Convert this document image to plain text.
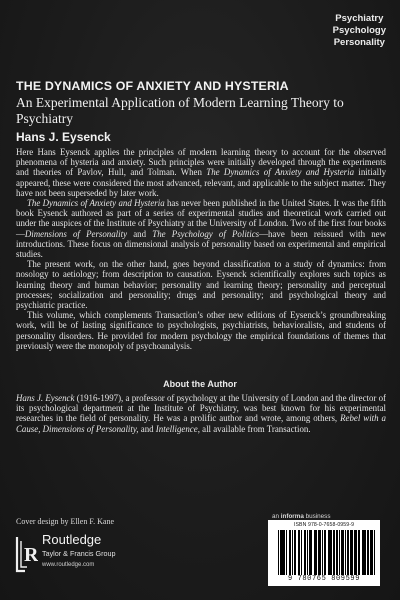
Psychiatry
Psychology
Personality
THE DYNAMICS OF ANXIETY AND HYSTERIA
An Experimental Application of Modern Learning Theory to Psychiatry
Hans J. Eysenck

Here Hans Eysenck applies the principles of modern learning theory to account for the observed phenomena of hysteria and anxiety. Such principles were initially developed through the experiments and theories of Pavlov, Hull, and Tolman. When The Dynamics of Anxiety and Hysteria initially appeared, these were considered the most advanced, relevant, and applicable to the subject matter. They have not been superseded by later work.

The Dynamics of Anxiety and Hysteria has never been published in the United States. It was the fifth book Eysenck authored as part of a series of experimental studies and theoretical work carried out under the auspices of the Institute of Psychiatry at the University of London. Two of the first four books—Dimensions of Personality and The Psychology of Politics—have been reissued with new introductions. These focus on dimensional analysis of personality based on experimental and empirical studies.

The present work, on the other hand, goes beyond classification to a study of dynamics: from nosology to aetiology; from description to causation. Eysenck scientifically explores such topics as learning theory and human behavior; personality and learning theory; personality and perceptual processes; socialization and personality; drugs and personality; and psychological theory and psychiatric practice.

This volume, which complements Transaction’s other new editions of Eysenck’s groundbreaking work, will be of lasting significance to psychologists, psychiatrists, behavioralists, and students of personality disorders. He provided for modern psychology the empirical foundations of themes that previously were the monopoly of psychoanalysis.

About the Author

Hans J. Eysenck (1916-1997), a professor of psychology at the University of London and the director of its psychological department at the Institute of Psychiatry, was best known for his experimental researches in the field of personality. He was a prolific author and wrote, among others, Rebel with a Cause, Dimensions of Personality, and Intelligence, all available from Transaction.

Cover design by Ellen F. Kane
R
Routledge
Taylor & Francis Group
www.routledge.com
an informa business
ISBN 978-0-7658-0959-9
9 780765 809599
